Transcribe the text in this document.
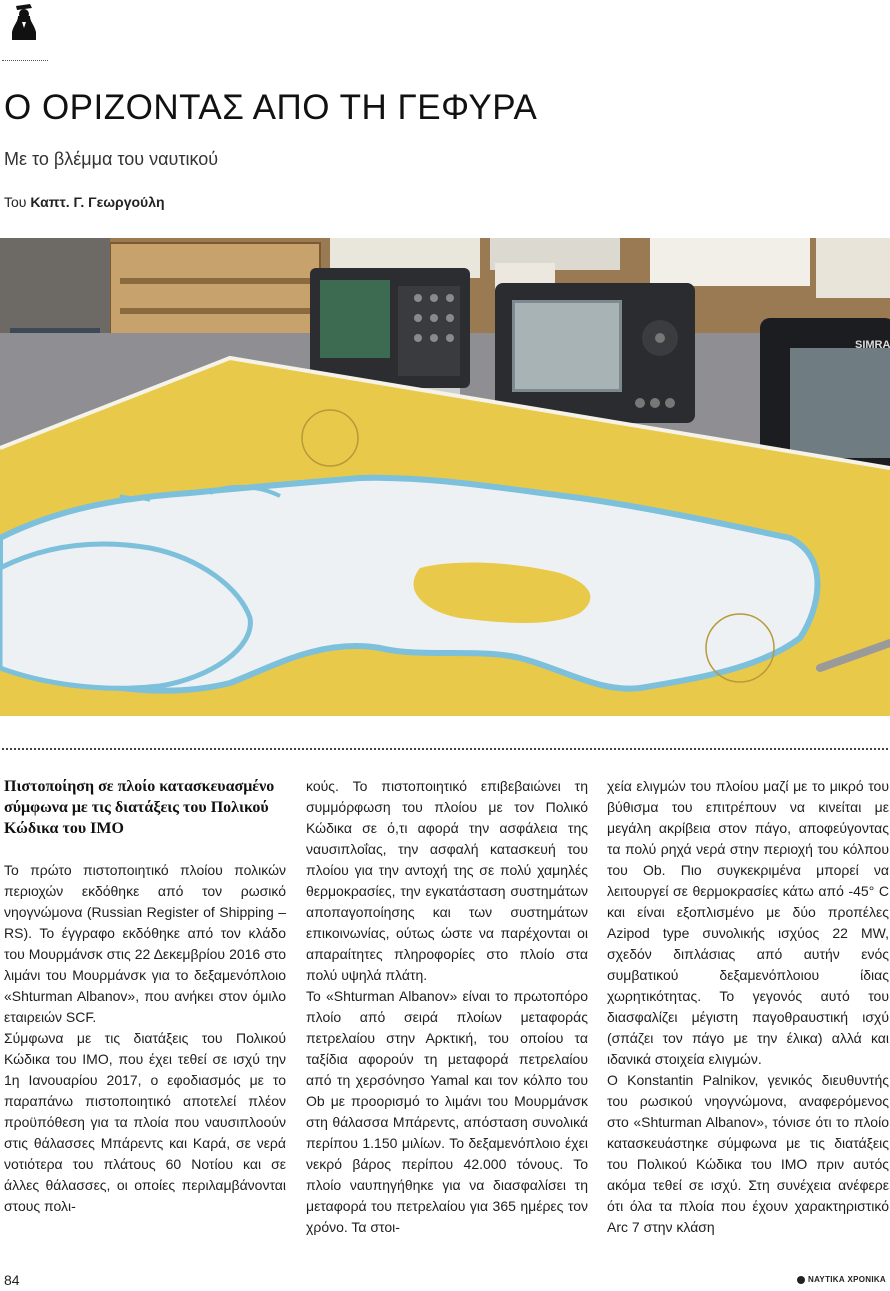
Ο ΟΡΙΖΟΝΤΑΣ ΑΠΟ ΤΗ ΓΕΦΥΡΑ
Με το βλέμμα του ναυτικού
Του Καπτ. Γ. Γεωργούλη
SIMRA

Πιστοποίηση σε πλοίο κατασκευασμένο σύμφωνα με τις διατάξεις του Πολικού Κώδικα του IMO

Το πρώτο πιστοποιητικό πλοίου πολικών περιοχών εκδόθηκε από τον ρωσικό νηογνώμονα (Russian Register of Shipping – RS). Το έγγραφο εκδόθηκε από τον κλάδο του Μουρμάνσκ στις 22 Δεκεμβρίου 2016 στο λιμάνι του Μουρμάνσκ για το δεξαμενόπλοιο «Shturman Albanov», που ανήκει στον όμιλο εταιρειών SCF.

Σύμφωνα με τις διατάξεις του Πολικού Κώδικα του IMO, που έχει τεθεί σε ισχύ την 1η Ιανουαρίου 2017, ο εφοδιασμός με το παραπάνω πιστοποιητικό αποτελεί πλέον προϋπόθεση για τα πλοία που ναυσιπλοούν στις θάλασσες Μπάρεντς και Καρά, σε νερά νοτιότερα του πλάτους 60 Νοτίου και σε άλλες θάλασσες, οι οποίες περιλαμβάνονται στους πολι-

κούς. Το πιστοποιητικό επιβεβαιώνει τη συμμόρφωση του πλοίου με τον Πολικό Κώδικα σε ό,τι αφορά την ασφάλεια της ναυσιπλοΐας, την ασφαλή κατασκευή του πλοίου για την αντοχή της σε πολύ χαμηλές θερμοκρασίες, την εγκατάσταση συστημάτων αποπαγοποίησης και των συστημάτων επικοινωνίας, ούτως ώστε να παρέχονται οι απαραίτητες πληροφορίες στο πλοίο στα πολύ υψηλά πλάτη.

Το «Shturman Albanov» είναι το πρωτοπόρο πλοίο από σειρά πλοίων μεταφοράς πετρελαίου στην Αρκτική, του οποίου τα ταξίδια αφορούν τη μεταφορά πετρελαίου από τη χερσόνησο Yamal και τον κόλπο του Ob με προορισμό το λιμάνι του Μουρμάνσκ στη θάλασσα Μπάρεντς, απόσταση συνολικά περίπου 1.150 μιλίων. Το δεξαμενόπλοιο έχει νεκρό βάρος περίπου 42.000 τόνους. Το πλοίο ναυπηγήθηκε για να διασφαλίσει τη μεταφορά του πετρελαίου για 365 ημέρες τον χρόνο. Τα στοι-

χεία ελιγμών του πλοίου μαζί με το μικρό του βύθισμα του επιτρέπουν να κινείται με μεγάλη ακρίβεια στον πάγο, αποφεύγοντας τα πολύ ρηχά νερά στην περιοχή του κόλπου του Ob. Πιο συγκεκριμένα μπορεί να λειτουργεί σε θερμοκρασίες κάτω από -45° C και είναι εξοπλισμένο με δύο προπέλες Azipod type συνολικής ισχύος 22 MW, σχεδόν διπλάσιας από αυτήν ενός συμβατικού δεξαμενόπλοιου ίδιας χωρητικότητας. Το γεγονός αυτό του διασφαλίζει μέγιστη παγοθραυστική ισχύ (σπάζει τον πάγο με την έλικα) αλλά και ιδανικά στοιχεία ελιγμών.

Ο Konstantin Palnikov, γενικός διευθυντής του ρωσικού νηογνώμονα, αναφερόμενος στο «Shturman Albanov», τόνισε ότι το πλοίο κατασκευάστηκε σύμφωνα με τις διατάξεις του Πολικού Κώδικα του IMO πριν αυτός ακόμα τεθεί σε ισχύ. Στη συνέχεια ανέφερε ότι όλα τα πλοία που έχουν χαρακτηριστικό Arc 7 στην κλάση

84	ΝΑΥΤΙΚΑ ΧΡΟΝΙΚΑ
